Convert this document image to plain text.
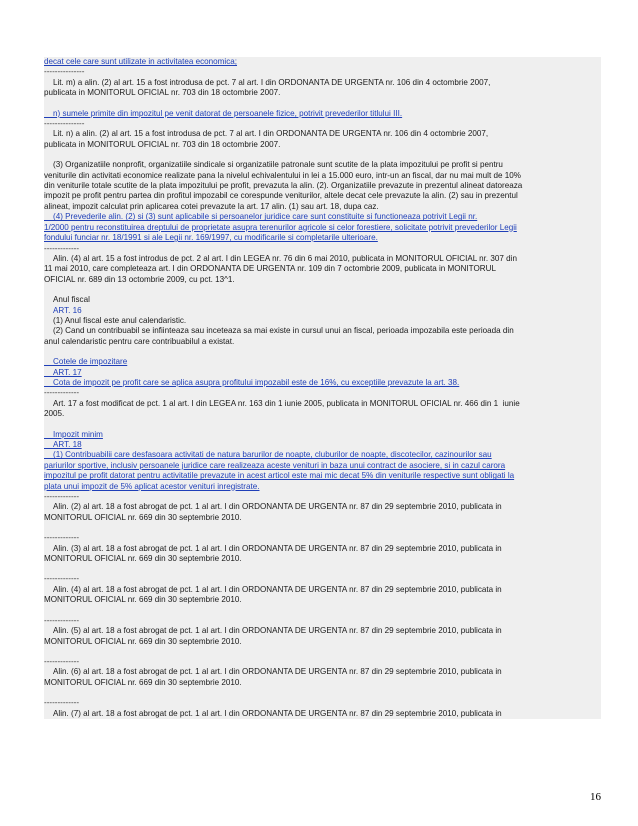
decat cele care sunt utilizate in activitatea economica;
---------------
Lit. m) a alin. (2) al art. 15 a fost introdusa de pct. 7 al art. I din ORDONANTA DE URGENTA nr. 106 din 4 octombrie 2007,
publicata in MONITORUL OFICIAL nr. 703 din 18 octombrie 2007.
n) sumele primite din impozitul pe venit datorat de persoanele fizice, potrivit prevederilor titlului III.
---------------
Lit. n) a alin. (2) al art. 15 a fost introdusa de pct. 7 al art. I din ORDONANTA DE URGENTA nr. 106 din 4 octombrie 2007,
publicata in MONITORUL OFICIAL nr. 703 din 18 octombrie 2007.
(3) Organizatiile nonprofit, organizatiile sindicale si organizatiile patronale sunt scutite de la plata impozitului pe profit si pentru
veniturile din activitati economice realizate pana la nivelul echivalentului in lei a 15.000 euro, intr-un an fiscal, dar nu mai mult de 10%
din veniturile totale scutite de la plata impozitului pe profit, prevazuta la alin. (2). Organizatiile prevazute in prezentul alineat datoreaza
impozit pe profit pentru partea din profitul impozabil ce corespunde veniturilor, altele decat cele prevazute la alin. (2) sau in prezentul
alineat, impozit calculat prin aplicarea cotei prevazute la art. 17 alin. (1) sau art. 18, dupa caz.
(4) Prevederile alin. (2) si (3) sunt aplicabile si persoanelor juridice care sunt constituite si functioneaza potrivit Legii nr.
1/2000 pentru reconstituirea dreptului de proprietate asupra terenurilor agricole si celor forestiere, solicitate potrivit prevederilor Legii
fondului funciar nr. 18/1991 si ale Legii nr. 169/1997, cu modificarile si completarile ulterioare.
-------------
Alin. (4) al art. 15 a fost introdus de pct. 2 al art. I din LEGEA nr. 76 din 6 mai 2010, publicata in MONITORUL OFICIAL nr. 307 din
11 mai 2010, care completeaza art. I din ORDONANTA DE URGENTA nr. 109 din 7 octombrie 2009, publicata in MONITORUL
OFICIAL nr. 689 din 13 octombrie 2009, cu pct. 13^1.
Anul fiscal
ART. 16
(1) Anul fiscal este anul calendaristic.
(2) Cand un contribuabil se infiinteaza sau inceteaza sa mai existe in cursul unui an fiscal, perioada impozabila este perioada din
anul calendaristic pentru care contribuabilul a existat.
Cotele de impozitare
ART. 17
Cota de impozit pe profit care se aplica asupra profitului impozabil este de 16%, cu exceptiile prevazute la art. 38.
-------------
Art. 17 a fost modificat de pct. 1 al art. I din LEGEA nr. 163 din 1 iunie 2005, publicata in MONITORUL OFICIAL nr. 466 din 1  iunie
2005.
Impozit minim
ART. 18
(1) Contribuabilii care desfasoara activitati de natura barurilor de noapte, cluburilor de noapte, discotecilor, cazinourilor sau
pariurilor sportive, inclusiv persoanele juridice care realizeaza aceste venituri in baza unui contract de asociere, si in cazul carora
impozitul pe profit datorat pentru activitatile prevazute in acest articol este mai mic decat 5% din veniturile respective sunt obligati la
plata unui impozit de 5% aplicat acestor venituri inregistrate.
-------------
Alin. (2) al art. 18 a fost abrogat de pct. 1 al art. I din ORDONANTA DE URGENTA nr. 87 din 29 septembrie 2010, publicata in
MONITORUL OFICIAL nr. 669 din 30 septembrie 2010.
-------------
Alin. (3) al art. 18 a fost abrogat de pct. 1 al art. I din ORDONANTA DE URGENTA nr. 87 din 29 septembrie 2010, publicata in
MONITORUL OFICIAL nr. 669 din 30 septembrie 2010.
-------------
Alin. (4) al art. 18 a fost abrogat de pct. 1 al art. I din ORDONANTA DE URGENTA nr. 87 din 29 septembrie 2010, publicata in
MONITORUL OFICIAL nr. 669 din 30 septembrie 2010.
-------------
Alin. (5) al art. 18 a fost abrogat de pct. 1 al art. I din ORDONANTA DE URGENTA nr. 87 din 29 septembrie 2010, publicata in
MONITORUL OFICIAL nr. 669 din 30 septembrie 2010.
-------------
Alin. (6) al art. 18 a fost abrogat de pct. 1 al art. I din ORDONANTA DE URGENTA nr. 87 din 29 septembrie 2010, publicata in
MONITORUL OFICIAL nr. 669 din 30 septembrie 2010.
-------------
Alin. (7) al art. 18 a fost abrogat de pct. 1 al art. I din ORDONANTA DE URGENTA nr. 87 din 29 septembrie 2010, publicata in
16
